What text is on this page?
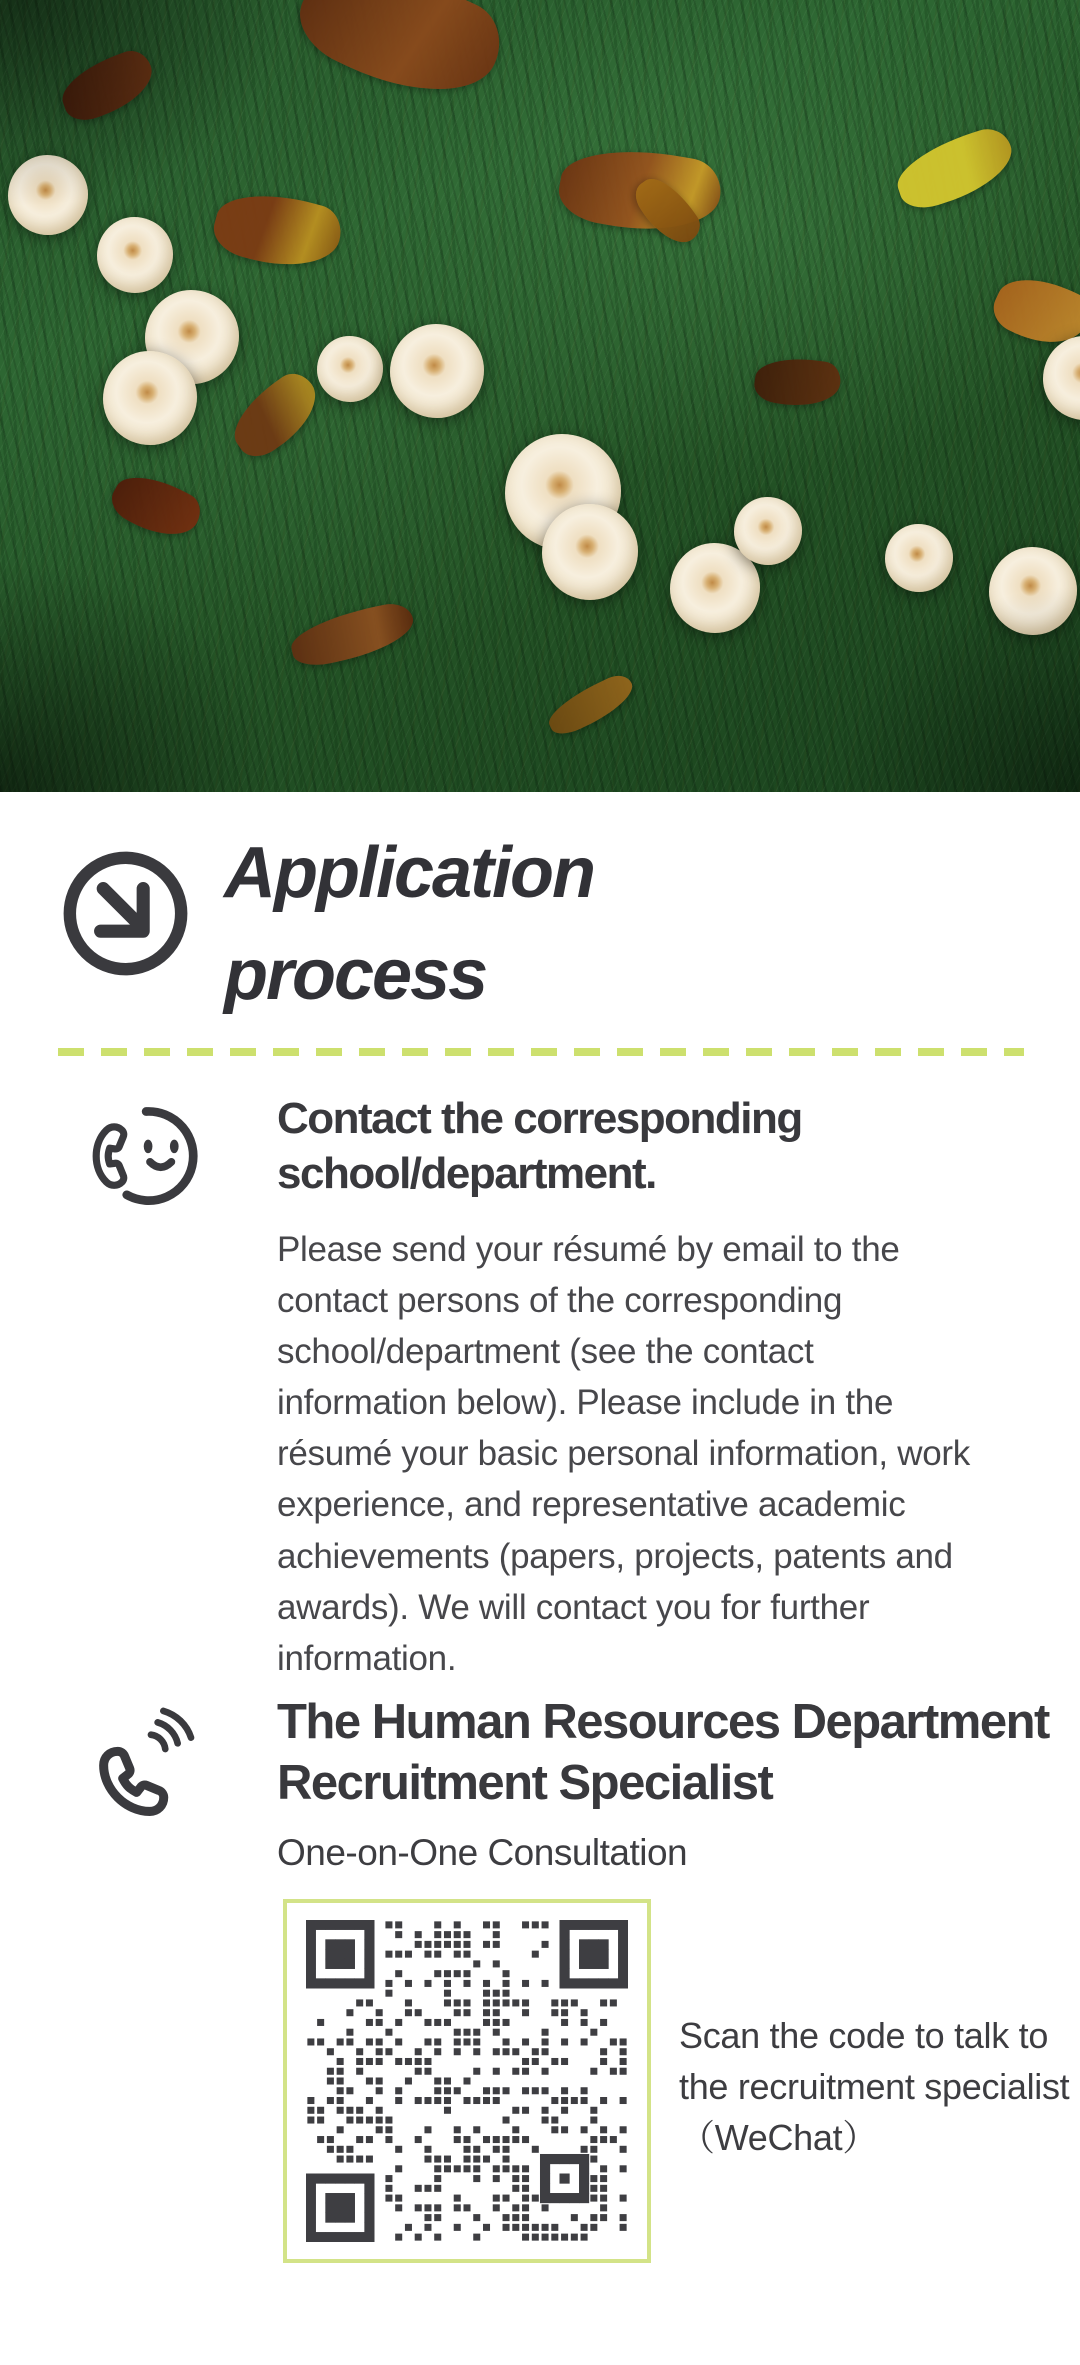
Application
process
Contact the corresponding school/department.
Please send your résumé by email to the contact persons of the corresponding school/department (see the contact information below). Please include in the résumé your basic personal information, work experience, and representative academic achievements (papers, projects, patents and awards). We will contact you for further information.
The Human Resources Department Recruitment Specialist
One-on-One Consultation
Scan the code to talk to the recruitment specialist（WeChat）
